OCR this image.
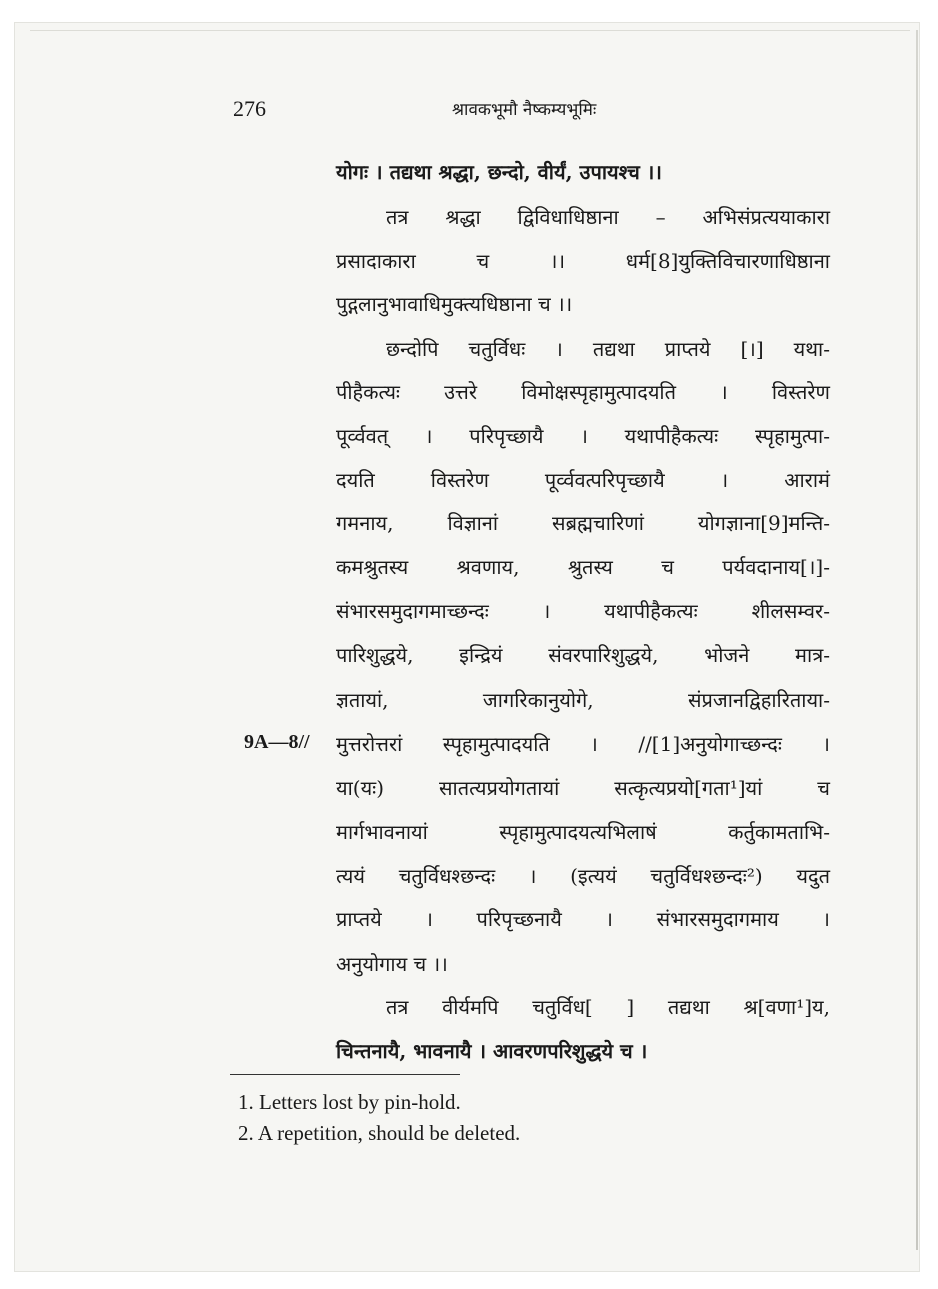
276	श्रावकभूमौ नैष्कम्यभूमिः
योगः । तद्यथा श्रद्धा, छन्दो, वीर्यं, उपायश्च ।।
तत्र श्रद्धा द्विविधाधिष्ठाना – अभिसंप्रत्ययाकारा
प्रसादाकारा च ।। धर्म[8]युक्तिविचारणाधिष्ठाना
पुद्गलानुभावाधिमुक्त्यधिष्ठाना च ।।
छन्दोपि चतुर्विधः । तद्यथा प्राप्तये [।] यथा-
पीहैकत्यः उत्तरे विमोक्षस्पृहामुत्पादयति । विस्तरेण
पूर्व्ववत् । परिपृच्छायै । यथापीहैकत्यः स्पृहामुत्पा-
दयति विस्तरेण पूर्व्ववत्परिपृच्छायै । आरामं
गमनाय, विज्ञानां सब्रह्मचारिणां योगज्ञाना[9]मन्ति-
कमश्रुतस्य श्रवणाय, श्रुतस्य च पर्यवदानाय[।]-
संभारसमुदागमाच्छन्दः । यथापीहैकत्यः शीलसम्वर-
पारिशुद्धये, इन्द्रियं संवरपारिशुद्धये, भोजने मात्र-
ज्ञतायां, जागरिकानुयोगे, संप्रजानद्विहारिताया-
9A—8// मुत्तरोत्तरां स्पृहामुत्पादयति । //[1]अनुयोगाच्छन्दः ।
या(यः) सातत्यप्रयोगतायां सत्कृत्यप्रयो[गता¹]यां च
मार्गभावनायां स्पृहामुत्पादयत्यभिलाषं कर्तुकामताभि-
त्ययं चतुर्विधश्छन्दः । (इत्ययं चतुर्विधश्छन्दः²) यदुत
प्राप्तये । परिपृच्छनायै । संभारसमुदागमाय ।
अनुयोगाय च ।।
तत्र वीर्यमपि चतुर्विध[ ] तद्यथा श्र[वणा¹]य,
चिन्तनायै, भावनायै । आवरणपरिशुद्धये च ।
1. Letters lost by pin-hold.
2. A repetition, should be deleted.
